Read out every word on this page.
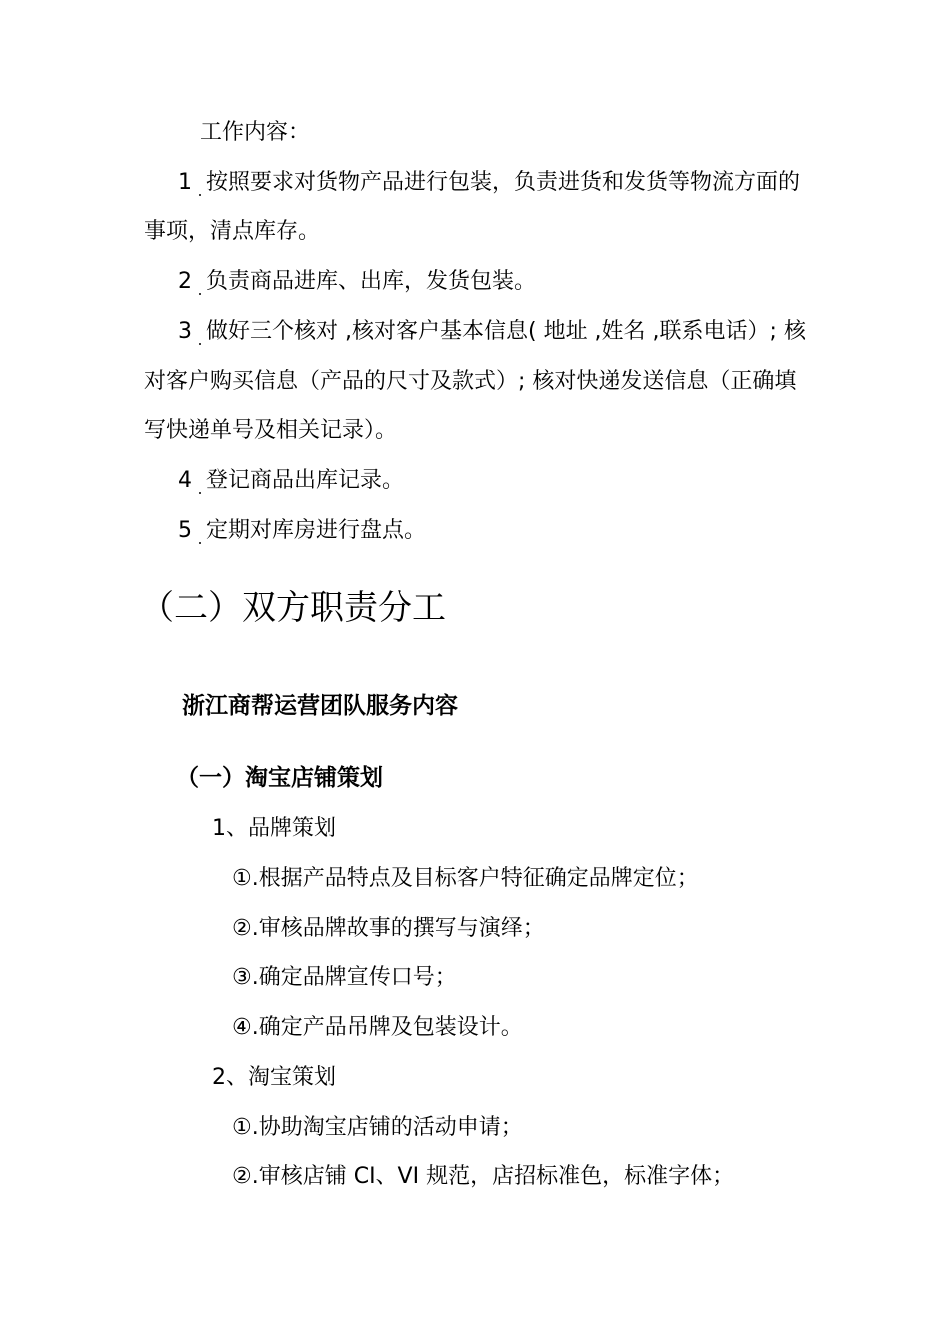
工作内容：
1 按照要求对货物产品进行包装，负责进货和发货等物流方面的
事项，清点库存。
2 负责商品进库、出库，发货包装。
3 做好三个核对 ,核对客户基本信息( 地址 ,姓名 ,联系电话）; 核
对客户购买信息（产品的尺寸及款式）; 核对快递发送信息（正确填
写快递单号及相关记录）。
4 登记商品出库记录。
5 定期对库房进行盘点。
（二）双方职责分工
浙江商帮运营团队服务内容
（一）淘宝店铺策划
1、品牌策划
①.根据产品特点及目标客户特征确定品牌定位；
②.审核品牌故事的撰写与演绎；
③.确定品牌宣传口号；
④.确定产品吊牌及包装设计。
2、淘宝策划
①.协助淘宝店铺的活动申请；
②.审核店铺 CI、VI 规范，店招标准色，标准字体；
